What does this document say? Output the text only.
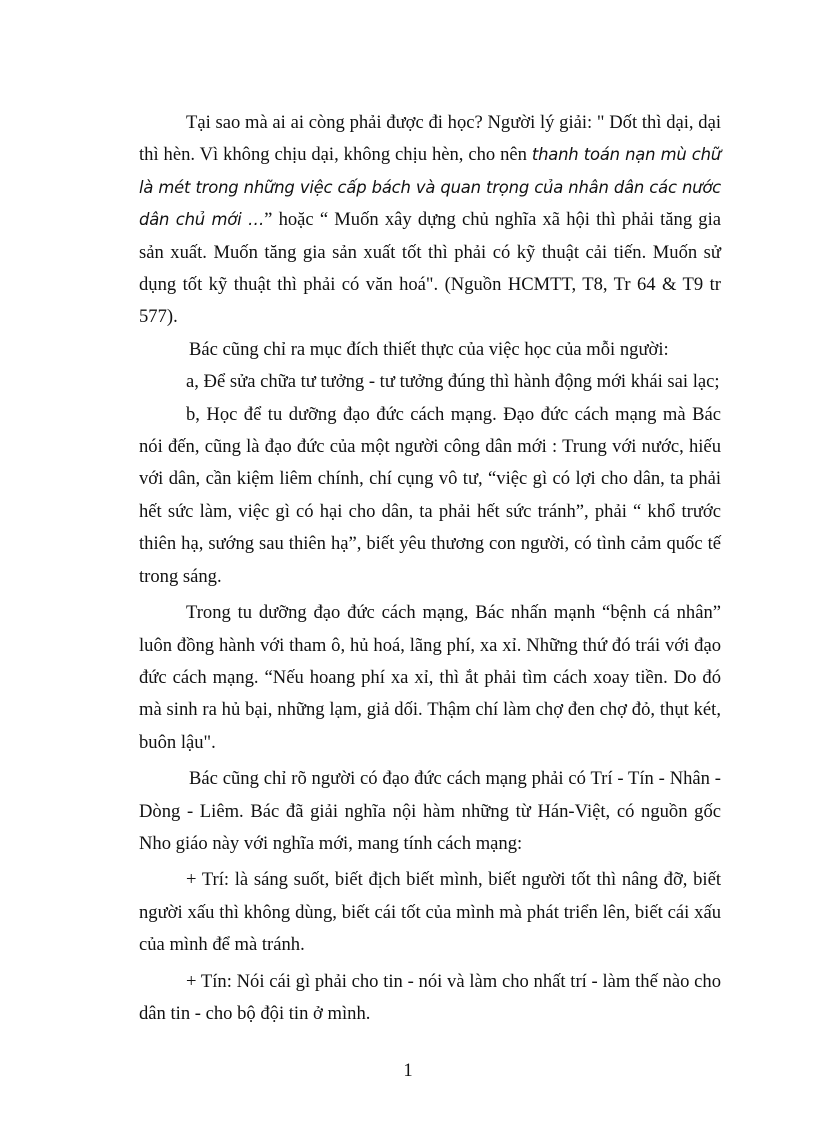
Tại sao mà ai ai còng phải được đi học? Người lý giải: " Dốt thì dại, dại thì hèn. Vì không chịu dại, không chịu hèn, cho nên thanh toán nạn mù chữ là mét trong những việc cấp bách và quan trọng của nhân dân các nước dân chủ mới …” hoặc “ Muốn xây dựng chủ nghĩa xã hội thì phải tăng gia sản xuất. Muốn tăng gia sản xuất tốt thì phải có kỹ thuật cải tiến. Muốn sử dụng tốt kỹ thuật thì phải có văn hoá". (Nguồn HCMTT, T8, Tr 64 & T9 tr 577).

Bác cũng chỉ ra mục đích thiết thực của việc học của mỗi người:

a, Để sửa chữa tư tưởng - tư tưởng đúng thì hành động mới khái sai lạc;

b, Học để tu dưỡng đạo đức cách mạng. Đạo đức cách mạng mà Bác nói đến, cũng là đạo đức của một người công dân mới : Trung với nước, hiếu với dân, cần kiệm liêm chính, chí cụng vô tư, “việc gì có lợi cho dân, ta phải hết sức làm, việc gì có hại cho dân, ta phải hết sức tránh”, phải “ khổ trước thiên hạ, sướng sau thiên hạ”, biết yêu thương con người, có tình cảm quốc tế trong sáng.

Trong tu dưỡng đạo đức cách mạng, Bác nhấn mạnh “bệnh cá nhân” luôn đồng hành với tham ô, hủ hoá, lãng phí, xa xỉ. Những thứ đó trái với đạo đức cách mạng. “Nếu hoang phí xa xỉ, thì ắt phải tìm cách xoay tiền. Do đó mà sinh ra hủ bại, những lạm, giả dối. Thậm chí làm chợ đen chợ đỏ, thụt két, buôn lậu".

Bác cũng chỉ rõ người có đạo đức cách mạng phải có Trí - Tín - Nhân - Dòng - Liêm. Bác đã giải nghĩa nội hàm những từ Hán-Việt, có nguồn gốc Nho giáo này với nghĩa mới, mang tính cách mạng:

+ Trí: là sáng suốt, biết địch biết mình, biết người tốt thì nâng đỡ, biết người xấu thì không dùng, biết cái tốt của mình mà phát triển lên, biết cái xấu của mình để mà tránh.

+ Tín: Nói cái gì phải cho tin - nói và làm cho nhất trí - làm thế nào cho dân tin - cho bộ đội tin ở mình.

1
